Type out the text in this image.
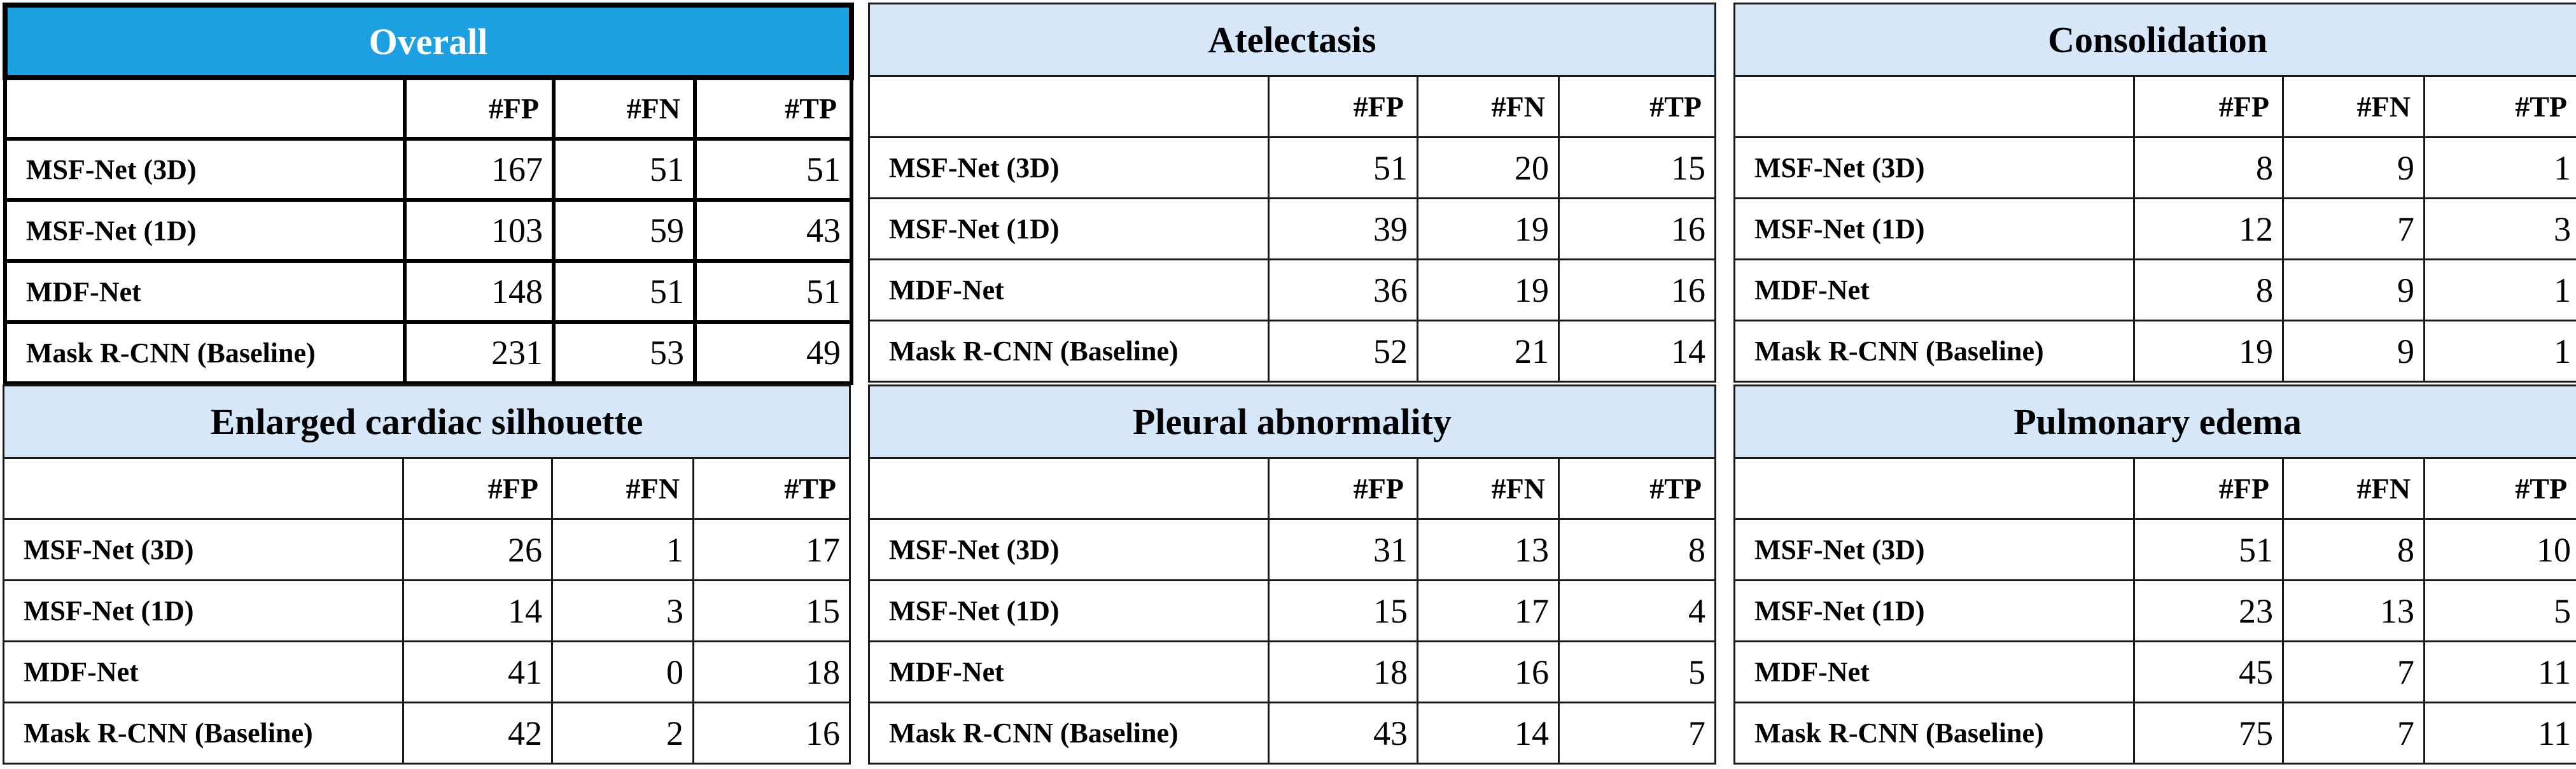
Overall			
	#FP	#FN	#TP
MSF-Net (3D)	167	51	51
MSF-Net (1D)	103	59	43
MDF-Net	148	51	51
Mask R-CNN (Baseline)	231	53	49
Atelectasis			
	#FP	#FN	#TP
MSF-Net (3D)	51	20	15
MSF-Net (1D)	39	19	16
MDF-Net	36	19	16
Mask R-CNN (Baseline)	52	21	14
Consolidation			
	#FP	#FN	#TP
MSF-Net (3D)	8	9	1
MSF-Net (1D)	12	7	3
MDF-Net	8	9	1
Mask R-CNN (Baseline)	19	9	1
Enlarged cardiac silhouette			
	#FP	#FN	#TP
MSF-Net (3D)	26	1	17
MSF-Net (1D)	14	3	15
MDF-Net	41	0	18
Mask R-CNN (Baseline)	42	2	16
Pleural abnormality			
	#FP	#FN	#TP
MSF-Net (3D)	31	13	8
MSF-Net (1D)	15	17	4
MDF-Net	18	16	5
Mask R-CNN (Baseline)	43	14	7
Pulmonary edema			
	#FP	#FN	#TP
MSF-Net (3D)	51	8	10
MSF-Net (1D)	23	13	5
MDF-Net	45	7	11
Mask R-CNN (Baseline)	75	7	11
